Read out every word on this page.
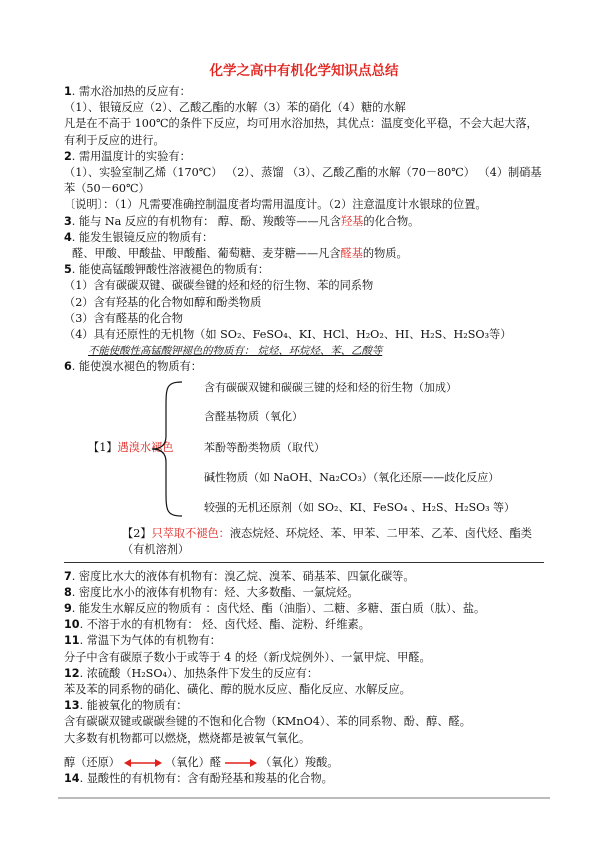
化学之高中有机化学知识点总结
1. 需水浴加热的反应有：
（1）、银镜反应（2）、乙酸乙酯的水解（3）苯的硝化（4）糖的水解
凡是在不高于 100℃的条件下反应，均可用水浴加热，其优点：温度变化平稳，不会大起大落，有利于反应的进行。
2. 需用温度计的实验有：
（1）、实验室制乙烯（170℃） （2）、蒸馏 （3）、乙酸乙酯的水解（70－80℃） （4）制硝基苯（50－60℃）
〔说明〕：（1）凡需要准确控制温度者均需用温度计。（2）注意温度计水银球的位置。
3. 能与 Na 反应的有机物有： 醇、酚、羧酸等——凡含羟基的化合物。
4. 能发生银镜反应的物质有：
醛、甲酸、甲酸盐、甲酸酯、葡萄糖、麦芽糖——凡含醛基的物质。
5. 能使高锰酸钾酸性溶液褪色的物质有：
（1）含有碳碳双键、碳碳叁键的烃和烃的衍生物、苯的同系物
（2）含有羟基的化合物如醇和酚类物质
（3）含有醛基的化合物
（4）具有还原性的无机物（如 SO₂、FeSO₄、KI、HCl、H₂O₂、HI、H₂S、H₂SO₃等）
不能使酸性高锰酸钾褪色的物质有： 烷烃、环烷烃、苯、乙酸等
6. 能使溴水褪色的物质有：
【1】遇溴水褪色
含有碳碳双键和碳碳三键的烃和烃的衍生物（加成）
含醛基物质（氧化）
苯酚等酚类物质（取代）
碱性物质（如 NaOH、Na₂CO₃）（氧化还原——歧化反应）
较强的无机还原剂（如 SO₂、KI、FeSO₄ 、H₂S、H₂SO₃ 等）
【2】只萃取不褪色：液态烷烃、环烷烃、苯、甲苯、二甲苯、乙苯、卤代烃、酯类（有机溶剂）
7. 密度比水大的液体有机物有：溴乙烷、溴苯、硝基苯、四氯化碳等。
8. 密度比水小的液体有机物有：烃、大多数酯、一氯烷烃。
9. 能发生水解反应的物质有 ：卤代烃、酯（油脂）、二糖、多糖、蛋白质（肽）、盐。
10. 不溶于水的有机物有： 烃、卤代烃、酯、淀粉、纤维素。
11. 常温下为气体的有机物有：
分子中含有碳原子数小于或等于 4 的烃（新戊烷例外）、一氯甲烷、甲醛。
12. 浓硫酸（H₂SO₄）、加热条件下发生的反应有：
苯及苯的同系物的硝化、磺化、醇的脱水反应、酯化反应、水解反应。
13. 能被氧化的物质有：
含有碳碳双键或碳碳叁键的不饱和化合物（KMnO4）、苯的同系物、酚、醇、醛。
大多数有机物都可以燃烧，燃烧都是被氧气氧化。
醇（还原）	（氧化）醛	（氧化）羧酸。
14. 显酸性的有机物有：含有酚羟基和羧基的化合物。
